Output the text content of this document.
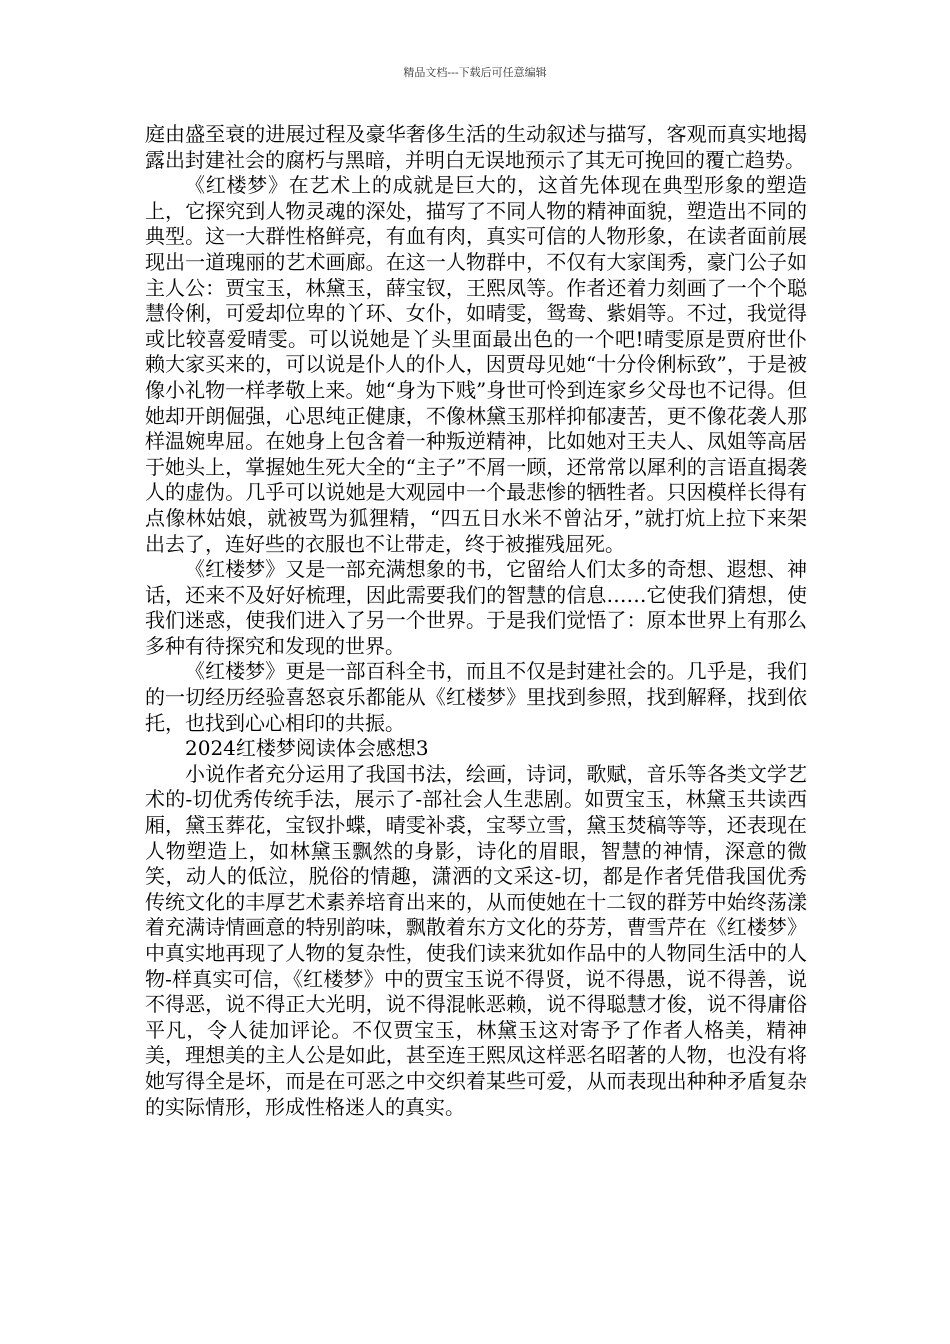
精品文档---下载后可任意编辑

庭由盛至衰的进展过程及豪华奢侈生活的生动叙述与描写，客观而真实地揭露出封建社会的腐朽与黑暗，并明白无误地预示了其无可挽回的覆亡趋势。

《红楼梦》在艺术上的成就是巨大的，这首先体现在典型形象的塑造上，它探究到人物灵魂的深处，描写了不同人物的精神面貌，塑造出不同的典型。这一大群性格鲜亮，有血有肉，真实可信的人物形象，在读者面前展现出一道瑰丽的艺术画廊。在这一人物群中，不仅有大家闺秀，豪门公子如主人公：贾宝玉，林黛玉，薛宝钗，王熙凤等。作者还着力刻画了一个个聪慧伶俐，可爱却位卑的丫环、女仆，如晴雯，鸳鸯、紫娟等。不过，我觉得或比较喜爱晴雯。可以说她是丫头里面最出色的一个吧!晴雯原是贾府世仆赖大家买来的，可以说是仆人的仆人，因贾母见她“十分伶俐标致”，于是被像小礼物一样孝敬上来。她“身为下贱”身世可怜到连家乡父母也不记得。但她却开朗倔强，心思纯正健康，不像林黛玉那样抑郁凄苦，更不像花袭人那样温婉卑屈。在她身上包含着一种叛逆精神，比如她对王夫人、凤姐等高居于她头上，掌握她生死大全的“主子”不屑一顾，还常常以犀利的言语直揭袭人的虚伪。几乎可以说她是大观园中一个最悲惨的牺牲者。只因模样长得有点像林姑娘，就被骂为狐狸精，“四五日水米不曾沾牙，”就打炕上拉下来架出去了，连好些的衣服也不让带走，终于被摧残屈死。

《红楼梦》又是一部充满想象的书，它留给人们太多的奇想、遐想、神话，还来不及好好梳理，因此需要我们的智慧的信息……它使我们猜想，使我们迷惑，使我们进入了另一个世界。于是我们觉悟了：原本世界上有那么多种有待探究和发现的世界。

《红楼梦》更是一部百科全书，而且不仅是封建社会的。几乎是，我们的一切经历经验喜怒哀乐都能从《红楼梦》里找到参照，找到解释，找到依托，也找到心心相印的共振。

2024红楼梦阅读体会感想3

小说作者充分运用了我国书法，绘画，诗词，歌赋，音乐等各类文学艺术的-切优秀传统手法，展示了-部社会人生悲剧。如贾宝玉，林黛玉共读西厢，黛玉葬花，宝钗扑蝶，晴雯补裘，宝琴立雪，黛玉焚稿等等，还表现在人物塑造上，如林黛玉飘然的身影，诗化的眉眼，智慧的神情，深意的微笑，动人的低泣，脱俗的情趣，潇洒的文采这-切，都是作者凭借我国优秀传统文化的丰厚艺术素养培育出来的，从而使她在十二钗的群芳中始终荡漾着充满诗情画意的特别韵味，飘散着东方文化的芬芳，曹雪芹在《红楼梦》中真实地再现了人物的复杂性，使我们读来犹如作品中的人物同生活中的人物-样真实可信，《红楼梦》中的贾宝玉说不得贤，说不得愚，说不得善，说不得恶，说不得正大光明，说不得混帐恶赖，说不得聪慧才俊，说不得庸俗平凡，令人徒加评论。不仅贾宝玉，林黛玉这对寄予了作者人格美，精神美，理想美的主人公是如此，甚至连王熙凤这样恶名昭著的人物，也没有将她写得全是坏，而是在可恶之中交织着某些可爱，从而表现出种种矛盾复杂的实际情形，形成性格迷人的真实。
